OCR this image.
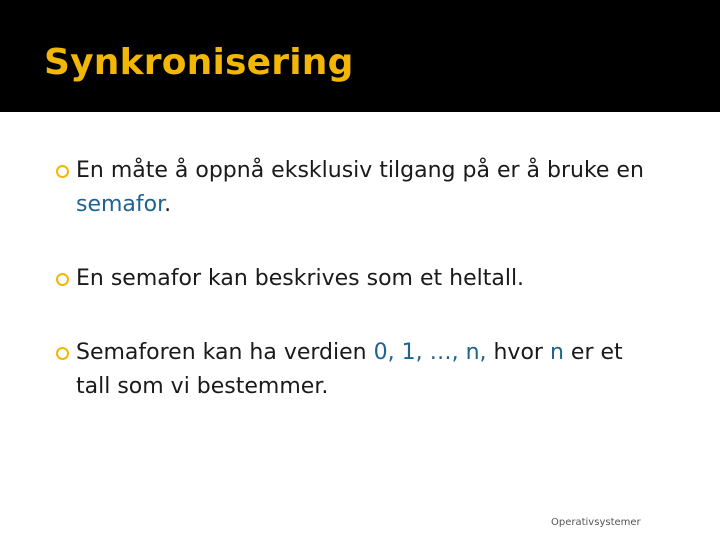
Synkronisering
En måte å oppnå eksklusiv tilgang på er å bruke en semafor.
En semafor kan beskrives som et heltall.
Semaforen kan ha verdien 0, 1, …, n, hvor n er et tall som vi bestemmer.
Operativsystemer
